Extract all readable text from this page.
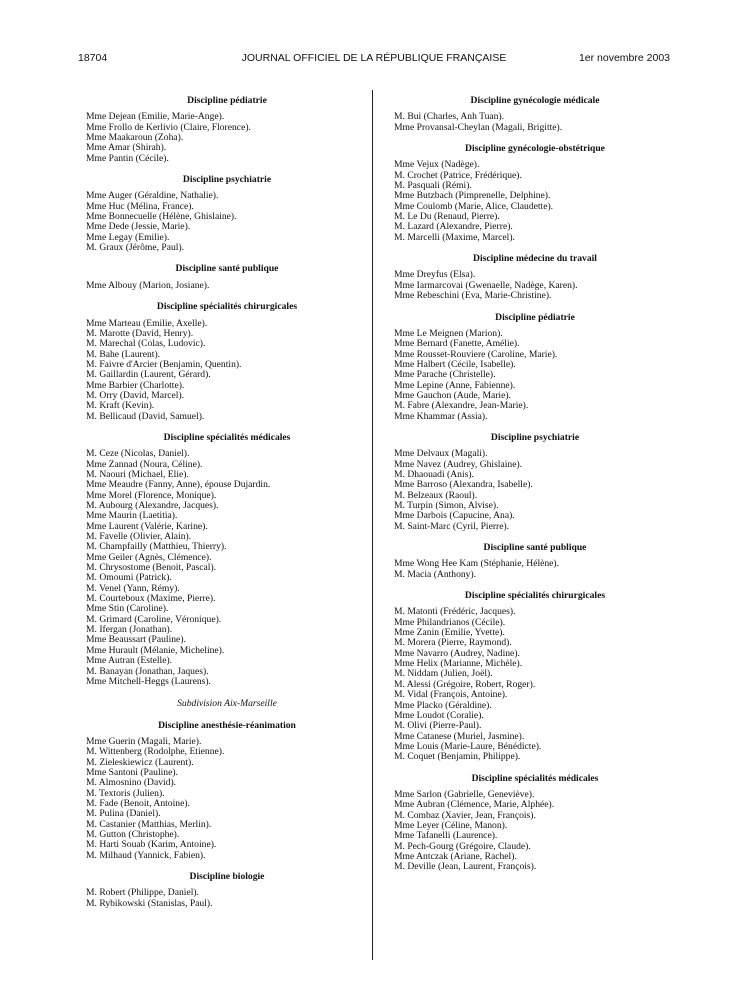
18704	JOURNAL OFFICIEL DE LA RÉPUBLIQUE FRANÇAISE	1er novembre 2003
Discipline pédiatrie
Mme Dejean (Emilie, Marie-Ange).
Mme Frollo de Kerlivio (Claire, Florence).
Mme Maakaroun (Zoha).
Mme Amar (Shirah).
Mme Pantin (Cécile).
Discipline psychiatrie
Mme Auger (Géraldine, Nathalie).
Mme Huc (Mélina, France).
Mme Bonnecuelle (Hélène, Ghislaine).
Mme Dede (Jessie, Marie).
Mme Legay (Emilie).
M. Graux (Jérôme, Paul).
Discipline santé publique
Mme Albouy (Marion, Josiane).
Discipline spécialités chirurgicales
Mme Marteau (Emilie, Axelle).
M. Marotte (David, Henry).
M. Marechal (Colas, Ludovic).
M. Bahe (Laurent).
M. Faivre d'Arcier (Benjamin, Quentin).
M. Gaillardin (Laurent, Gérard).
Mme Barbier (Charlotte).
M. Orry (David, Marcel).
M. Kraft (Kevin).
M. Bellicaud (David, Samuel).
Discipline spécialités médicales
M. Ceze (Nicolas, Daniel).
Mme Zannad (Noura, Céline).
M. Naouri (Michael, Elie).
Mme Meaudre (Fanny, Anne), épouse Dujardin.
Mme Morel (Florence, Monique).
M. Aubourg (Alexandre, Jacques).
Mme Maurin (Laetitia).
Mme Laurent (Valérie, Karine).
M. Favelle (Olivier, Alain).
M. Champfailly (Matthieu, Thierry).
Mme Geiler (Agnès, Clémence).
M. Chrysostome (Benoit, Pascal).
M. Omoumi (Patrick).
M. Venel (Yann, Rémy).
M. Courteboux (Maxime, Pierre).
Mme Stin (Caroline).
M. Grimard (Caroline, Véronique).
M. Ifergan (Jonathan).
Mme Beaussart (Pauline).
Mme Hurault (Mélanie, Micheline).
Mme Autran (Estelle).
M. Banayan (Jonathan, Jaques).
Mme Mitchell-Heggs (Laurens).
Subdivision Aix-Marseille
Discipline anesthésie-réanimation
Mme Guerin (Magali, Marie).
M. Wittenberg (Rodolphe, Etienne).
M. Zieleskiewicz (Laurent).
Mme Santoni (Pauline).
M. Almosnino (David).
M. Textoris (Julien).
M. Fade (Benoit, Antoine).
M. Pulina (Daniel).
M. Castanier (Matthias, Merlin).
M. Gutton (Christophe).
M. Harti Souab (Karim, Antoine).
M. Milhaud (Yannick, Fabien).
Discipline biologie
M. Robert (Philippe, Daniel).
M. Rybikowski (Stanislas, Paul).
Discipline gynécologie médicale
M. Bui (Charles, Anh Tuan).
Mme Provansal-Cheylan (Magali, Brigitte).
Discipline gynécologie-obstétrique
Mme Vejux (Nadège).
M. Crochet (Patrice, Frédérique).
M. Pasquali (Rémi).
Mme Butzbach (Pimprenelle, Delphine).
Mme Coulomb (Marie, Alice, Claudette).
M. Le Du (Renaud, Pierre).
M. Lazard (Alexandre, Pierre).
M. Marcelli (Maxime, Marcel).
Discipline médecine du travail
Mme Dreyfus (Elsa).
Mme Iarmarcovai (Gwenaelle, Nadège, Karen).
Mme Rebeschini (Eva, Marie-Christine).
Discipline pédiatrie
Mme Le Meignen (Marion).
Mme Bernard (Fanette, Amélie).
Mme Rousset-Rouviere (Caroline, Marie).
Mme Halbert (Cécile, Isabelle).
Mme Parache (Christelle).
Mme Lepine (Anne, Fabienne).
Mme Gauchon (Aude, Marie).
M. Fabre (Alexandre, Jean-Marie).
Mme Khammar (Assia).
Discipline psychiatrie
Mme Delvaux (Magali).
Mme Navez (Audrey, Ghislaine).
M. Dhaouadi (Anis).
Mme Barroso (Alexandra, Isabelle).
M. Belzeaux (Raoul).
M. Turpin (Simon, Alvise).
Mme Darbois (Capucine, Ana).
M. Saint-Marc (Cyril, Pierre).
Discipline santé publique
Mme Wong Hee Kam (Stéphanie, Hélène).
M. Macia (Anthony).
Discipline spécialités chirurgicales
M. Matonti (Frédéric, Jacques).
Mme Philandrianos (Cécile).
Mme Zanin (Emilie, Yvette).
M. Morera (Pierre, Raymond).
Mme Navarro (Audrey, Nadine).
Mme Helix (Marianne, Michèle).
M. Niddam (Julien, Joël).
M. Alessi (Grégoire, Robert, Roger).
M. Vidal (François, Antoine).
Mme Placko (Géraldine).
Mme Loudot (Coralie).
M. Olivi (Pierre-Paul).
Mme Catanese (Muriel, Jasmine).
Mme Louis (Marie-Laure, Bénédicte).
M. Coquet (Benjamin, Philippe).
Discipline spécialités médicales
Mme Sarlon (Gabrielle, Geneviève).
Mme Aubran (Clémence, Marie, Alphée).
M. Combaz (Xavier, Jean, François).
Mme Leyer (Céline, Manon).
Mme Tafanelli (Laurence).
M. Pech-Gourg (Grégoire, Claude).
Mme Antczak (Ariane, Rachel).
M. Deville (Jean, Laurent, François).
